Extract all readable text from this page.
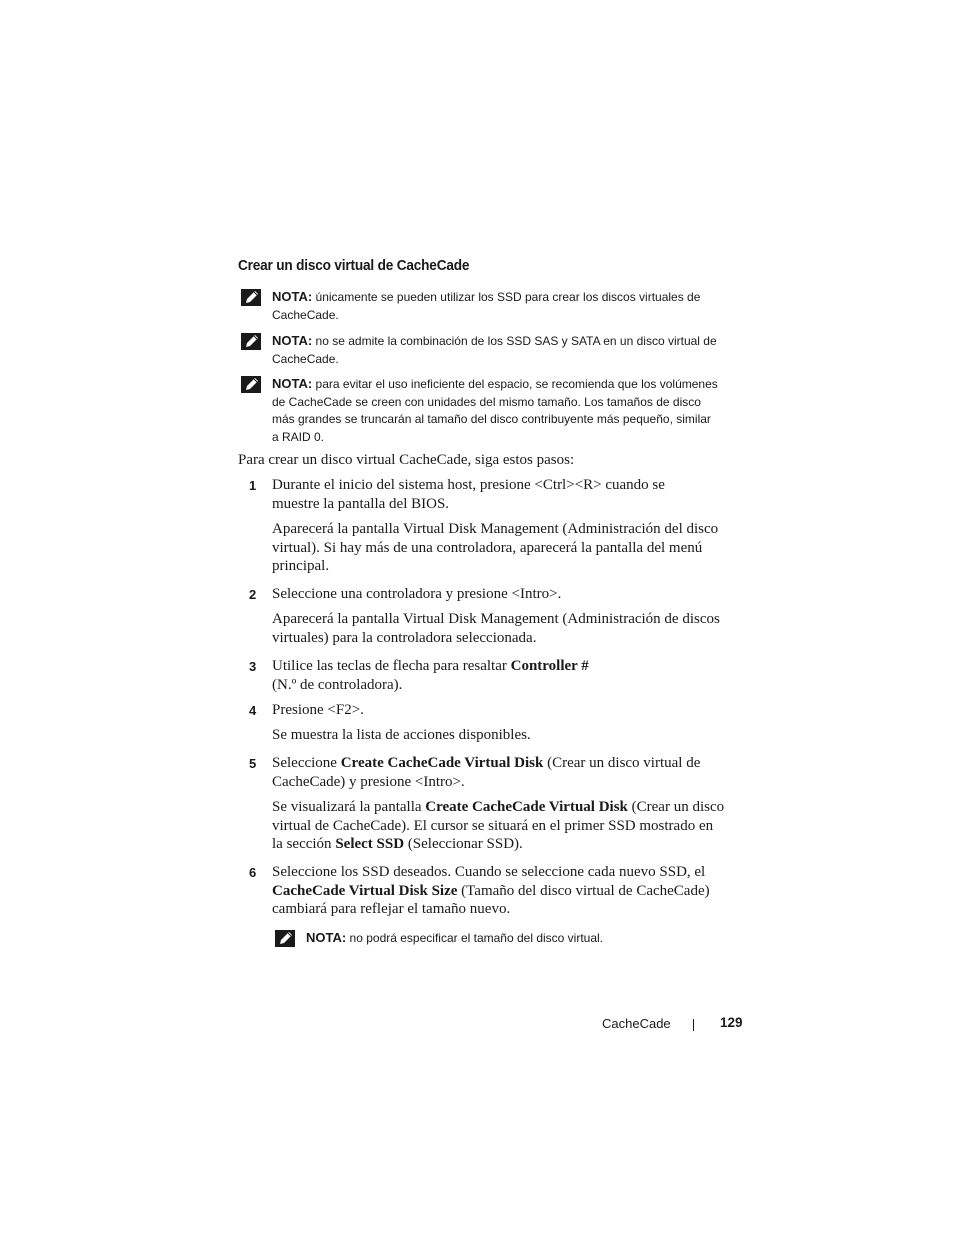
Crear un disco virtual de CacheCade
NOTA: únicamente se pueden utilizar los SSD para crear los discos virtuales de
CacheCade.
NOTA: no se admite la combinación de los SSD SAS y SATA en un disco virtual de
CacheCade.
NOTA: para evitar el uso ineficiente del espacio, se recomienda que los volúmenes
de CacheCade se creen con unidades del mismo tamaño. Los tamaños de disco
más grandes se truncarán al tamaño del disco contribuyente más pequeño, similar
a RAID 0.
Para crear un disco virtual CacheCade, siga estos pasos:
1 Durante el inicio del sistema host, presione <Ctrl><R> cuando se
muestre la pantalla del BIOS.
Aparecerá la pantalla Virtual Disk Management (Administración del disco
virtual). Si hay más de una controladora, aparecerá la pantalla del menú
principal.
2 Seleccione una controladora y presione <Intro>.
Aparecerá la pantalla Virtual Disk Management (Administración de discos
virtuales) para la controladora seleccionada.
3 Utilice las teclas de flecha para resaltar Controller #
(N.º de controladora).
4 Presione <F2>.
Se muestra la lista de acciones disponibles.
5 Seleccione Create CacheCade Virtual Disk (Crear un disco virtual de
CacheCade) y presione <Intro>.
Se visualizará la pantalla Create CacheCade Virtual Disk (Crear un disco
virtual de CacheCade). El cursor se situará en el primer SSD mostrado en
la sección Select SSD (Seleccionar SSD).
6 Seleccione los SSD deseados. Cuando se seleccione cada nuevo SSD, el
CacheCade Virtual Disk Size (Tamaño del disco virtual de CacheCade)
cambiará para reflejar el tamaño nuevo.
NOTA: no podrá especificar el tamaño del disco virtual.
CacheCade	129
